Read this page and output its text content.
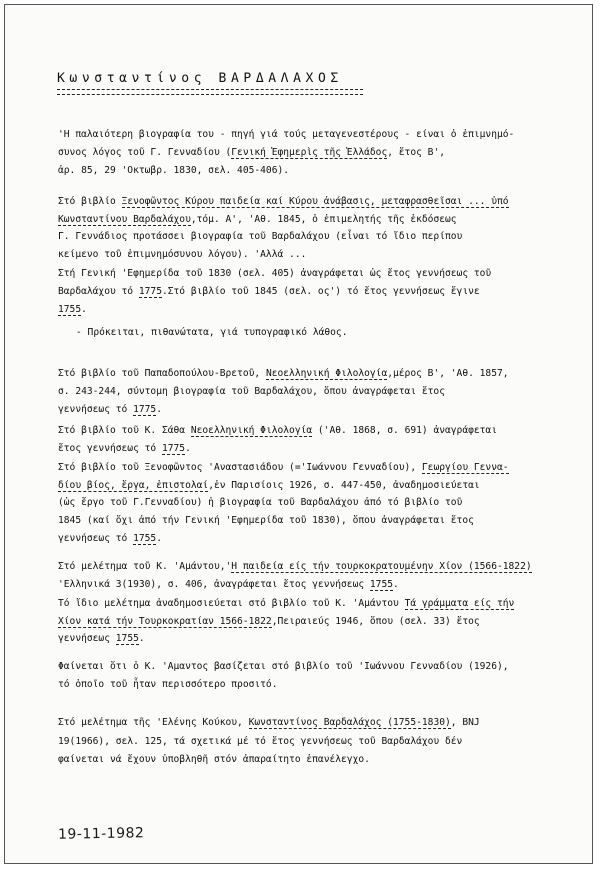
Κωνσταντίνος ΒΑΡΔΑΛΑΧΟΣ
'Η παλαιότερη βιογραφία του - πηγή γιά τούς μεταγενεστέρους - είναι ὁ ἐπιμνημό-
συνος λόγος τοῦ Γ. Γενναδίου (Γενική Ἐφημερὶς τῆς Ἑλλάδος, ἔτος Β',
ἀρ. 85, 29 'Οκτωβρ. 1830, σελ. 405-406).
Στό βιβλίο Ξενοφῶντος Κύρου παιδεία καί Κύρου ἀνάβασις, μεταφρασθεῖσαι ... ὑπό
Κωνσταντίνου Βαρδαλάχου,τόμ. Α', 'Αθ. 1845, ὁ ἐπιμελητής τῆς ἐκδόσεως
Γ. Γεννάδιος προτάσσει βιογραφία τοῦ Βαρδαλάχου (εἶναι τό ἴδιο περίπου
κείμενο τοῦ ἐπιμνημόσυνου λόγου). 'Αλλά ...
Στή Γενική 'Εφημερίδα τοῦ 1830 (σελ. 405) ἀναγράφεται ὡς ἔτος γεννήσεως τοῦ
Βαρδαλάχου τό 1775.Στό βιβλίο τοῦ 1845 (σελ. ος') τό ἔτος γεννήσεως ἔγινε
1755.
- Πρόκειται, πιθανώτατα, γιά τυπογραφικό λάθος.
Στό βιβλίο τοῦ Παπαδοπούλου-Βρετοῦ, Νεοελληνική Φιλολογία,μέρος Β', 'Αθ. 1857,
σ. 243-244, σύντομη βιογραφία τοῦ Βαρδαλάχου, ὅπου ἀναγράφεται ἔτος
γεννήσεως τό 1775.
Στό βιβλίο τοῦ Κ. Σάθα Νεοελληνική Φιλολογία ('Αθ. 1868, σ. 691) ἀναγράφεται
ἔτος γεννήσεως τό 1775.
Στό βιβλίο τοῦ Ξενοφῶντος 'Αναστασιάδου (='Ιωάννου Γενναδίου), Γεωργίου Γεννα-
δίου βίος, ἔργα, ἐπιστολαί,ἐν Παρισίοις 1926, σ. 447-450, ἀναδημοσιεύεται
(ὡς ἔργο τοῦ Γ.Γενναδίου) ἡ βιογραφία τοῦ Βαρδαλάχου ἀπό τό βιβλίο τοῦ
1845 (καί ὄχι ἀπό τήν Γενική 'Εφημερίδα τοῦ 1830), ὅπου ἀναγράφεται ἔτος
γεννήσεως τό 1755.
Στό μελέτημα τοῦ Κ. 'Αμάντου,'Η παιδεία είς τήν τουρκοκρατουμένην Χίον (1566-1822)
'Ελληνικά 3(1930), σ. 406, ἀναγράφεται ἔτος γεννήσεως 1755.
Τό ἴδιο μελέτημα ἀναδημοσιεύεται στό βιβλίο τοῦ Κ. 'Αμάντου Τά γράμματα είς τήν
Χίον κατά τήν Τουρκοκρατίαν 1566-1822,Πειραιεύς 1946, ὅπου (σελ. 33) ἔτος
γεννήσεως 1755.
Φαίνεται ὅτι ὁ Κ. 'Αμαντος βασίζεται στό βιβλίο τοῦ 'Ιωάννου Γενναδίου (1926),
τό ὁποῖο τοῦ ἦταν περισσότερο προσιτό.
Στό μελέτημα τῆς 'Ελένης Κούκου, Κωνσταντίνος Βαρδαλάχος (1755-1830), BNJ
19(1966), σελ. 125, τά σχετικά μέ τό ἔτος γεννήσεως τοῦ Βαρδαλάχου δέν
φαίνεται νά ἔχουν ὑποβληθῆ στόν ἀπαραίτητο ἐπανέλεγχο.
19-11-1982
